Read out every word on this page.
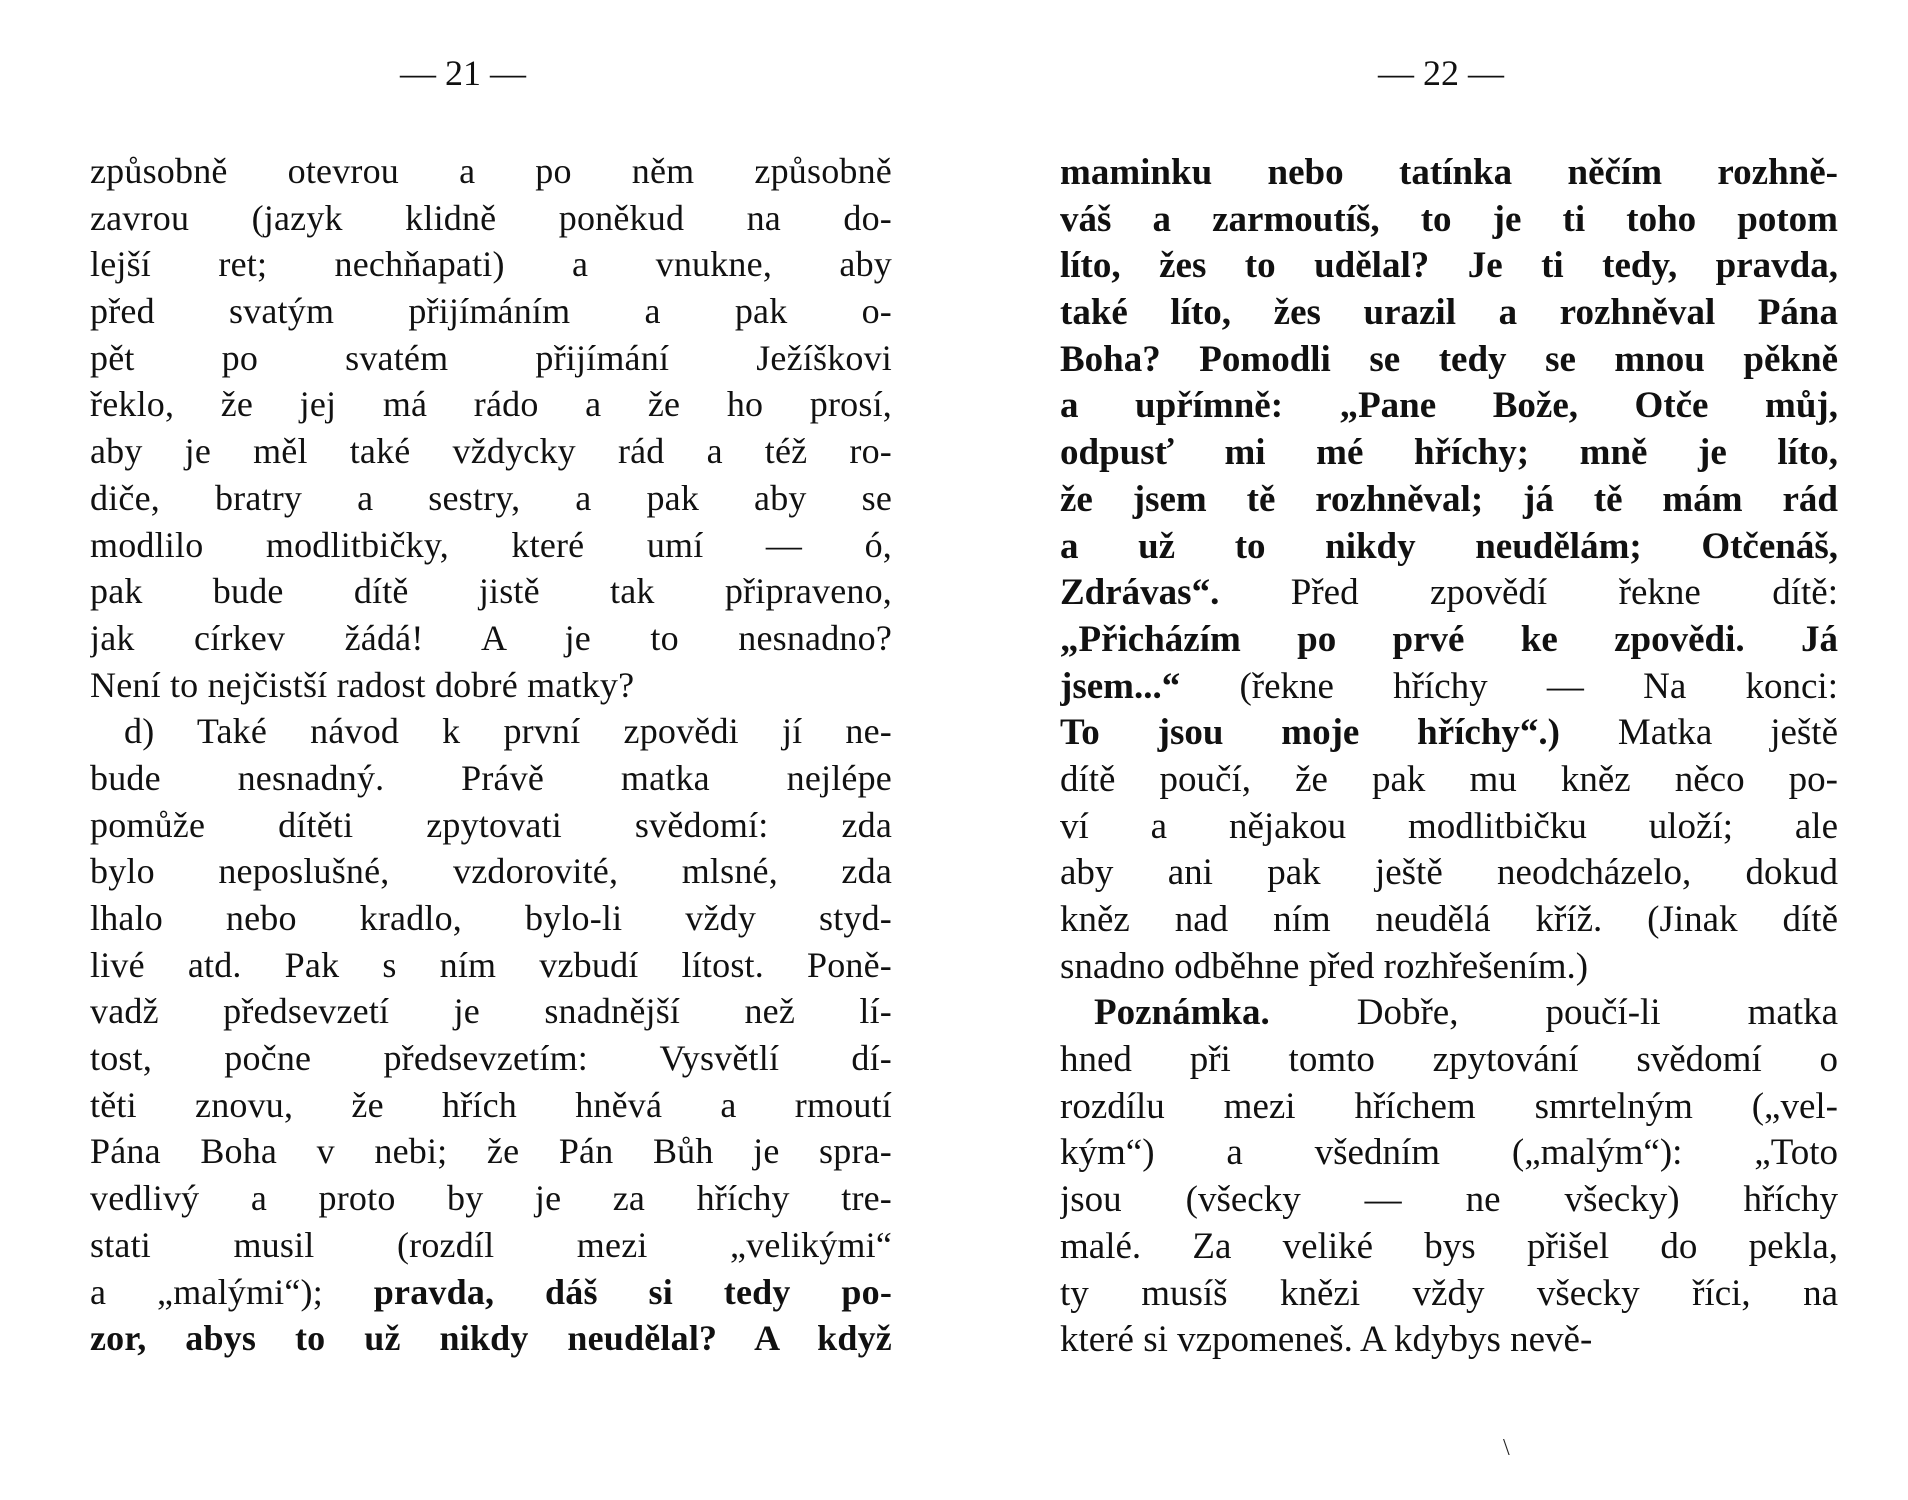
— 21 —
způsobně otevrou a po něm způsobně
zavrou (jazyk klidně poněkud na do-
lejší ret; nechňapati) a vnukne, aby
před svatým přijímáním a pak o-
pět po svatém přijímání Ježíškovi
řeklo, že jej má rádo a že ho prosí,
aby je měl také vždycky rád a též ro-
diče, bratry a sestry, a pak aby se
modlilo modlitbičky, které umí — ó,
pak bude dítě jistě tak připraveno,
jak církev žádá! A je to nesnadno?
Není to nejčistší radost dobré matky?
d) Také návod k první zpovědi jí ne-
bude nesnadný. Právě matka nejlépe
pomůže dítěti zpytovati svědomí: zda
bylo neposlušné, vzdorovité, mlsné, zda
lhalo nebo kradlo, bylo-li vždy styd-
livé atd. Pak s ním vzbudí lítost. Poně-
vadž předsevzetí je snadnější než lí-
tost, počne předsevzetím: Vysvětlí dí-
těti znovu, že hřích hněvá a rmoutí
Pána Boha v nebi; že Pán Bůh je spra-
vedlivý a proto by je za hříchy tre-
stati musil (rozdíl mezi „velikými“
a „malými“); pravda, dáš si tedy po-
zor, abys to už nikdy neudělal? A když
— 22 —
maminku nebo tatínka něčím rozhně-
váš a zarmoutíš, to je ti toho potom
líto, žes to udělal? Je ti tedy, pravda,
také líto, žes urazil a rozhněval Pána
Boha? Pomodli se tedy se mnou pěkně
a upřímně: „Pane Bože, Otče můj,
odpusť mi mé hříchy; mně je líto,
že jsem tě rozhněval; já tě mám rád
a už to nikdy neudělám; Otčenáš,
Zdrávas“. Před zpovědí řekne dítě:
„Přicházím po prvé ke zpovědi. Já
jsem...“ (řekne hříchy — Na konci:
To jsou moje hříchy“.) Matka ještě
dítě poučí, že pak mu kněz něco po-
ví a nějakou modlitbičku uloží; ale
aby ani pak ještě neodcházelo, dokud
kněz nad ním neudělá kříž. (Jinak dítě
snadno odběhne před rozhřešením.)
Poznámka. Dobře, poučí-li matka
hned při tomto zpytování svědomí o
rozdílu mezi hříchem smrtelným („vel-
kým“) a všedním („malým“): „Toto
jsou (všecky — ne všecky) hříchy
malé. Za veliké bys přišel do pekla,
ty musíš knězi vždy všecky říci, na
které si vzpomeneš. A kdybys nevě-
\
